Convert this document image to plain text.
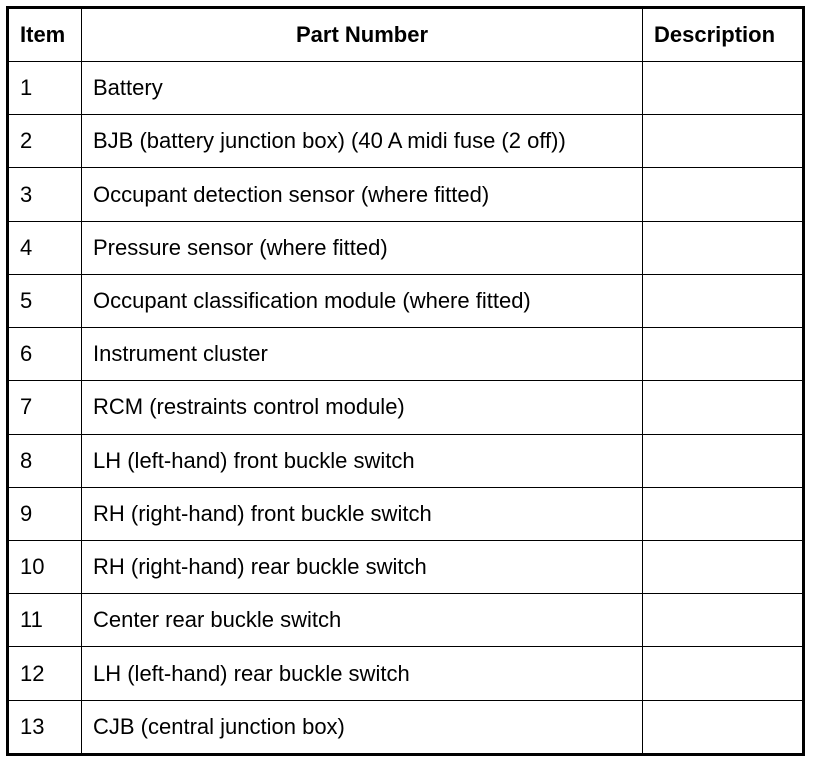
Item	Part Number	Description
1	Battery	
2	BJB (battery junction box) (40 A midi fuse (2 off))	
3	Occupant detection sensor (where fitted)	
4	Pressure sensor (where fitted)	
5	Occupant classification module (where fitted)	
6	Instrument cluster	
7	RCM (restraints control module)	
8	LH (left-hand) front buckle switch	
9	RH (right-hand) front buckle switch	
10	RH (right-hand) rear buckle switch	
11	Center rear buckle switch	
12	LH (left-hand) rear buckle switch	
13	CJB (central junction box)	
